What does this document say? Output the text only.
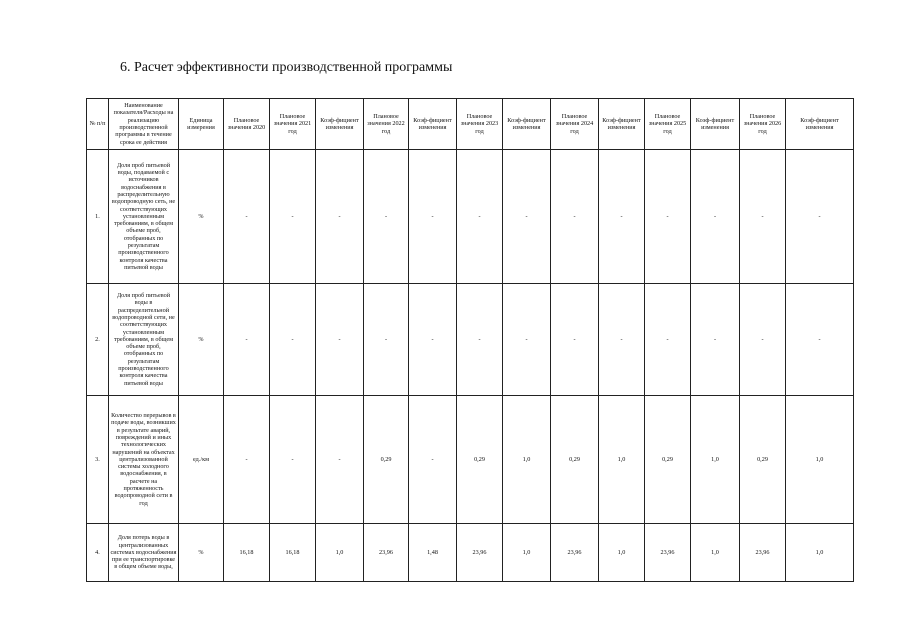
6. Расчет эффективности производственной программы
№ п/п	Наименование показателя/Расходы на реализацию производственной программы в течение срока ее действия	Единица измерения	Плановое значения 2020	Плановое значения 2021 год	Коэф-фициент изменения	Плановое значения 2022 год	Коэф-фициент изменения	Плановое значения 2023 год	Коэф-фициент изменения	Плановое значения 2024 год	Коэф-фициент изменения	Плановое значения 2025 год	Коэф-фициент изменения	Плановое значения 2026 год	Коэф-фициент изменения
1.	Доля проб питьевой воды, подаваемой с источников водоснабжения в распределительную водопроводную сеть, не соответствующих установленным требованиям, в общем объеме проб, отобранных по результатам производственного контроля качества питьевой воды	%	-	-	-	-	-	-	-	-	-	-	-	-	-
2.	Доля проб питьевой воды в распределительной водопроводной сети, не соответствующих установленным требованиям, в общем объеме проб, отобранных по результатам производственного контроля качества питьевой воды	%	-	-	-	-	-	-	-	-	-	-	-	-	-
3.	Количество перерывов в подаче воды, возникших в результате аварий, повреждений и иных технологических нарушений на объектах централизованной системы холодного водоснабжения, в расчете на протяженность водопроводной сети в год	ед./км	-	-	-	0,29	-	0,29	1,0	0,29	1,0	0,29	1,0	0,29	1,0
4.	Доля потерь воды в централизованных системах водоснабжения при ее транспортировке в общем объеме воды,	%	16,18	16,18	1,0	23,96	1,48	23,96	1,0	23,96	1,0	23,96	1,0	23,96	1,0
